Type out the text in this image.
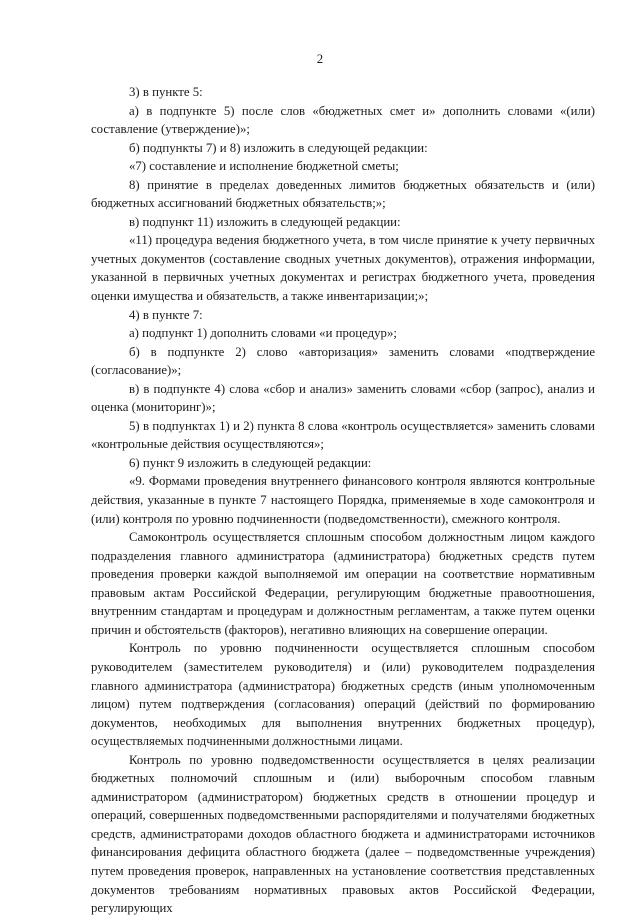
2

3) в пункте 5:

а) в подпункте 5) после слов «бюджетных смет и» дополнить словами «(или) составление (утверждение)»;

б) подпункты 7) и 8) изложить в следующей редакции:

«7) составление и исполнение бюджетной сметы;

8) принятие в пределах доведенных лимитов бюджетных обязательств и (или) бюджетных ассигнований бюджетных обязательств;»;

в) подпункт 11) изложить в следующей редакции:

«11) процедура ведения бюджетного учета, в том числе принятие к учету первичных учетных документов (составление сводных учетных документов), отражения информации, указанной в первичных учетных документах и регистрах бюджетного учета, проведения оценки имущества и обязательств, а также инвентаризации;»;

4) в пункте 7:

а) подпункт 1) дополнить словами «и процедур»;

б) в подпункте 2) слово «авторизация» заменить словами «подтверждение (согласование)»;

в) в подпункте 4) слова «сбор и анализ» заменить словами «сбор (запрос), анализ и оценка (мониторинг)»;

5) в подпунктах 1) и 2) пункта 8 слова «контроль осуществляется» заменить словами «контрольные действия осуществляются»;

6) пункт 9 изложить в следующей редакции:

«9. Формами проведения внутреннего финансового контроля являются контрольные действия, указанные в пункте 7 настоящего Порядка, применяемые в ходе самоконтроля и (или) контроля по уровню подчиненности (подведомственности), смежного контроля.

Самоконтроль осуществляется сплошным способом должностным лицом каждого подразделения главного администратора (администратора) бюджетных средств путем проведения проверки каждой выполняемой им операции на соответствие нормативным правовым актам Российской Федерации, регулирующим бюджетные правоотношения, внутренним стандартам и процедурам и должностным регламентам, а также путем оценки причин и обстоятельств (факторов), негативно влияющих на совершение операции.

Контроль по уровню подчиненности осуществляется сплошным способом руководителем (заместителем руководителя) и (или) руководителем подразделения главного администратора (администратора) бюджетных средств (иным уполномоченным лицом) путем подтверждения (согласования) операций (действий по формированию документов, необходимых для выполнения внутренних бюджетных процедур), осуществляемых подчиненными должностными лицами.

Контроль по уровню подведомственности осуществляется в целях реализации бюджетных полномочий сплошным и (или) выборочным способом главным администратором (администратором) бюджетных средств в отношении процедур и операций, совершенных подведомственными распорядителями и получателями бюджетных средств, администраторами доходов областного бюджета и администраторами источников финансирования дефицита областного бюджета (далее – подведомственные учреждения) путем проведения проверок, направленных на установление соответствия представленных документов требованиям нормативных правовых актов Российской Федерации, регулирующих
